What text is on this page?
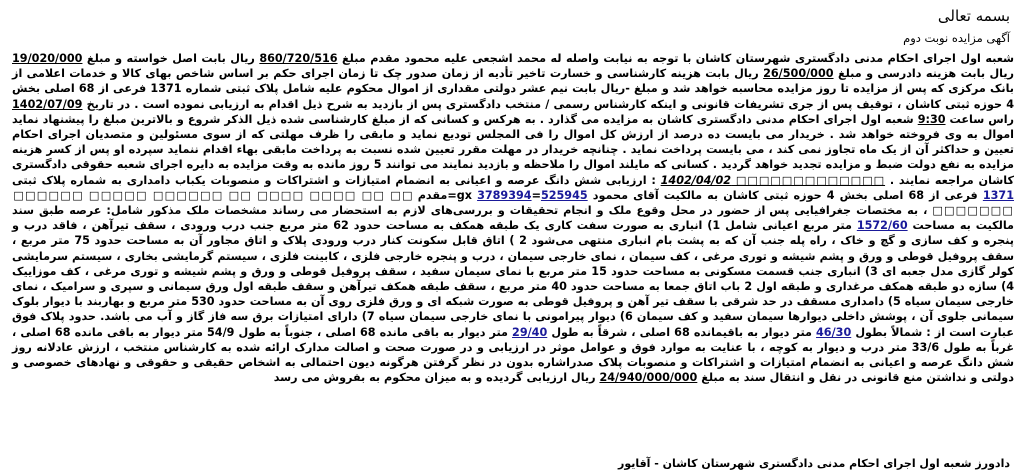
بسمه تعالی
آگهی مزایده نوبت دوم

شعبه اول اجرای احکام مدنی دادگستری شهرستان کاشان با توجه به نیابت واصله له محمد اشجعی علیه محمود مقدم مبلغ 860/720/516 ریال بابت اصل خواسته و مبلغ 19/020/000 ریال بابت هزینه دادرسی و مبلغ 26/500/000 ریال بابت هزینه کارشناسی و خسارت تاخیر تأدیه از زمان صدور چک تا زمان اجرای حکم بر اساس شاخص بهای کالا و خدمات اعلامی از بانک مرکزی که پس از مزایده تا روز مزایده محاسبه خواهد شد و مبلغ -ریال بابت نیم عشر دولتی مقداری از اموال محکوم علیه شامل پلاک ثبتی شماره 1371 فرعی از 68 اصلی بخش 4 حوزه ثبتی کاشان ، توقیف پس از جری تشریفات قانونی و اینکه کارشناس رسمی / منتخب دادگستری پس از بازدید به شرح ذیل اقدام به ارزیابی نموده است . در تاریخ 1402/07/09 راس ساعت 9:30 شعبه اول اجرای احکام مدنی دادگستری کاشان به مزایده می گذارد . به هرکس و کسانی که از مبلغ کارشناسی شده ذیل الذکر شروع و بالاترین مبلغ را پیشنهاد نماید اموال به وی فروخته خواهد شد . خریدار می بایست ده درصد از ارزش کل اموال را فی المجلس تودیع نماید و مابقی را ظرف مهلتی که از سوی مسئولین و متصدیان اجرای احکام تعیین و حداکثر آن از یک ماه تجاوز نمی کند ، می بایست پرداخت نماید . چنانچه خریدار در مهلت مقرر تعیین شده نسبت به پرداخت مابقی بهاء اقدام ننماید سپرده او پس از کسر هزینه مزایده به نفع دولت ضبط و مزایده تجدید خواهد گردید . کسانی که مایلند اموال را ملاحظه و بازدید نمایند می توانند 5 روز مانده به وقت مزایده به دایره اجرای شعبه حقوقی دادگستری کاشان مراجعه نمایند . □□□□□□□□□□□□□ 1402/04/02 : ارزیابی شش دانگ عرصه و اعیانی به انضمام امتیازات و اشتراکات و منصوبات یکباب دامداری به شماره پلاک ثبتی 1371 فرعی از 68 اصلی بخش 4 حوزه ثبتی کاشان به مالکیت آقای محمود 525945=gx 3789394=مقدم □□ □□ □□□□ □□□□ □□ □□□□□□ □□□□□ □□□□□□ □□□□□□□ ، به مختصات جغرافیایی پس از حضور در محل وقوع ملک و انجام تحقیقات و بررسی‌های لازم به استحضار می رساند مشخصات ملک مذکور شامل: عرصه طبق سند مالکیت به مساحت 1572/60 متر مربع اعیانی شامل 1) انباری به صورت سفت کاری یک طبقه همکف به مساحت حدود 62 متر مربع جنب درب ورودی ، سقف تیرآهن ، فاقد درب و پنجره و کف سازی و گچ و خاک ، راه پله جنب آن که به پشت بام انباری منتهی می‌شود 2 ) اتاق قابل سکونت کنار درب ورودی پلاک و اتاق مجاور آن به مساحت حدود 75 متر مربع ، سقف پروفیل قوطی و ورق و پشم شیشه و توری مرغی ، کف سیمان ، نمای خارجی سیمان ، درب و پنجره خارجی فلزی ، کابینت فلزی ، سیستم گرمایشی بخاری ، سیستم سرمایشی کولر گازی مدل جعبه ای 3) انباری جنب قسمت مسکونی به مساحت حدود 15 متر مربع با نمای سیمان سفید ، سقف پروفیل قوطی و ورق و پشم شیشه و توری مرغی ، کف موزاییک 4) سازه دو طبقه همکف مرغداری و طبقه اول 2 باب اتاق جمعا به مساحت حدود 40 متر مربع ، سقف طبقه همکف تیرآهن و سقف طبقه اول ورق سیمانی و سپری و سرامیک ، نمای خارجی سیمان سیاه 5) دامداری مسقف در حد شرقی با سقف تیر آهن و پروفیل قوطی به صورت شبکه ای و ورق فلزی روی آن به مساحت حدود 530 متر مربع و بهاربند با دیوار بلوک سیمانی جلوی آن ، پوشش داخلی دیوارها سیمان سفید و کف سیمان 6) دیوار پیرامونی با نمای خارجی سیمان سیاه 7) دارای امتیازات برق سه فاز گاز و آب می باشد. حدود پلاک فوق عبارت است از : شمالاً بطول 46/30 متر دیوار به باقیمانده 68 اصلی ، شرقاً به طول 29/40 متر دیوار به باقی مانده 68 اصلی ، جنوباً به طول 54/9 متر دیوار به باقی مانده 68 اصلی ، غرباً به طول 33/6 متر درب و دیوار به کوچه ، با عنایت به موارد فوق و عوامل موثر در ارزیابی و در صورت صحت و اصالت مدارک ارائه شده به کارشناس منتخب ، ارزش عادلانه روز شش دانگ عرصه و اعیانی به انضمام امتیازات و اشتراکات و منصوبات پلاک صدراشاره بدون در نظر گرفتن هرگونه دیون احتمالی به اشخاص حقیقی و حقوقی و نهادهای خصوصی و دولتی و نداشتن منع قانونی در نقل و انتقال سند به مبلغ 24/940/000/000 ریال ارزیابی گردیده و به میزان محکوم به بفروش می رسد

دادورز شعبه اول اجرای احکام مدنی دادگستری شهرستان کاشان - آقایور
